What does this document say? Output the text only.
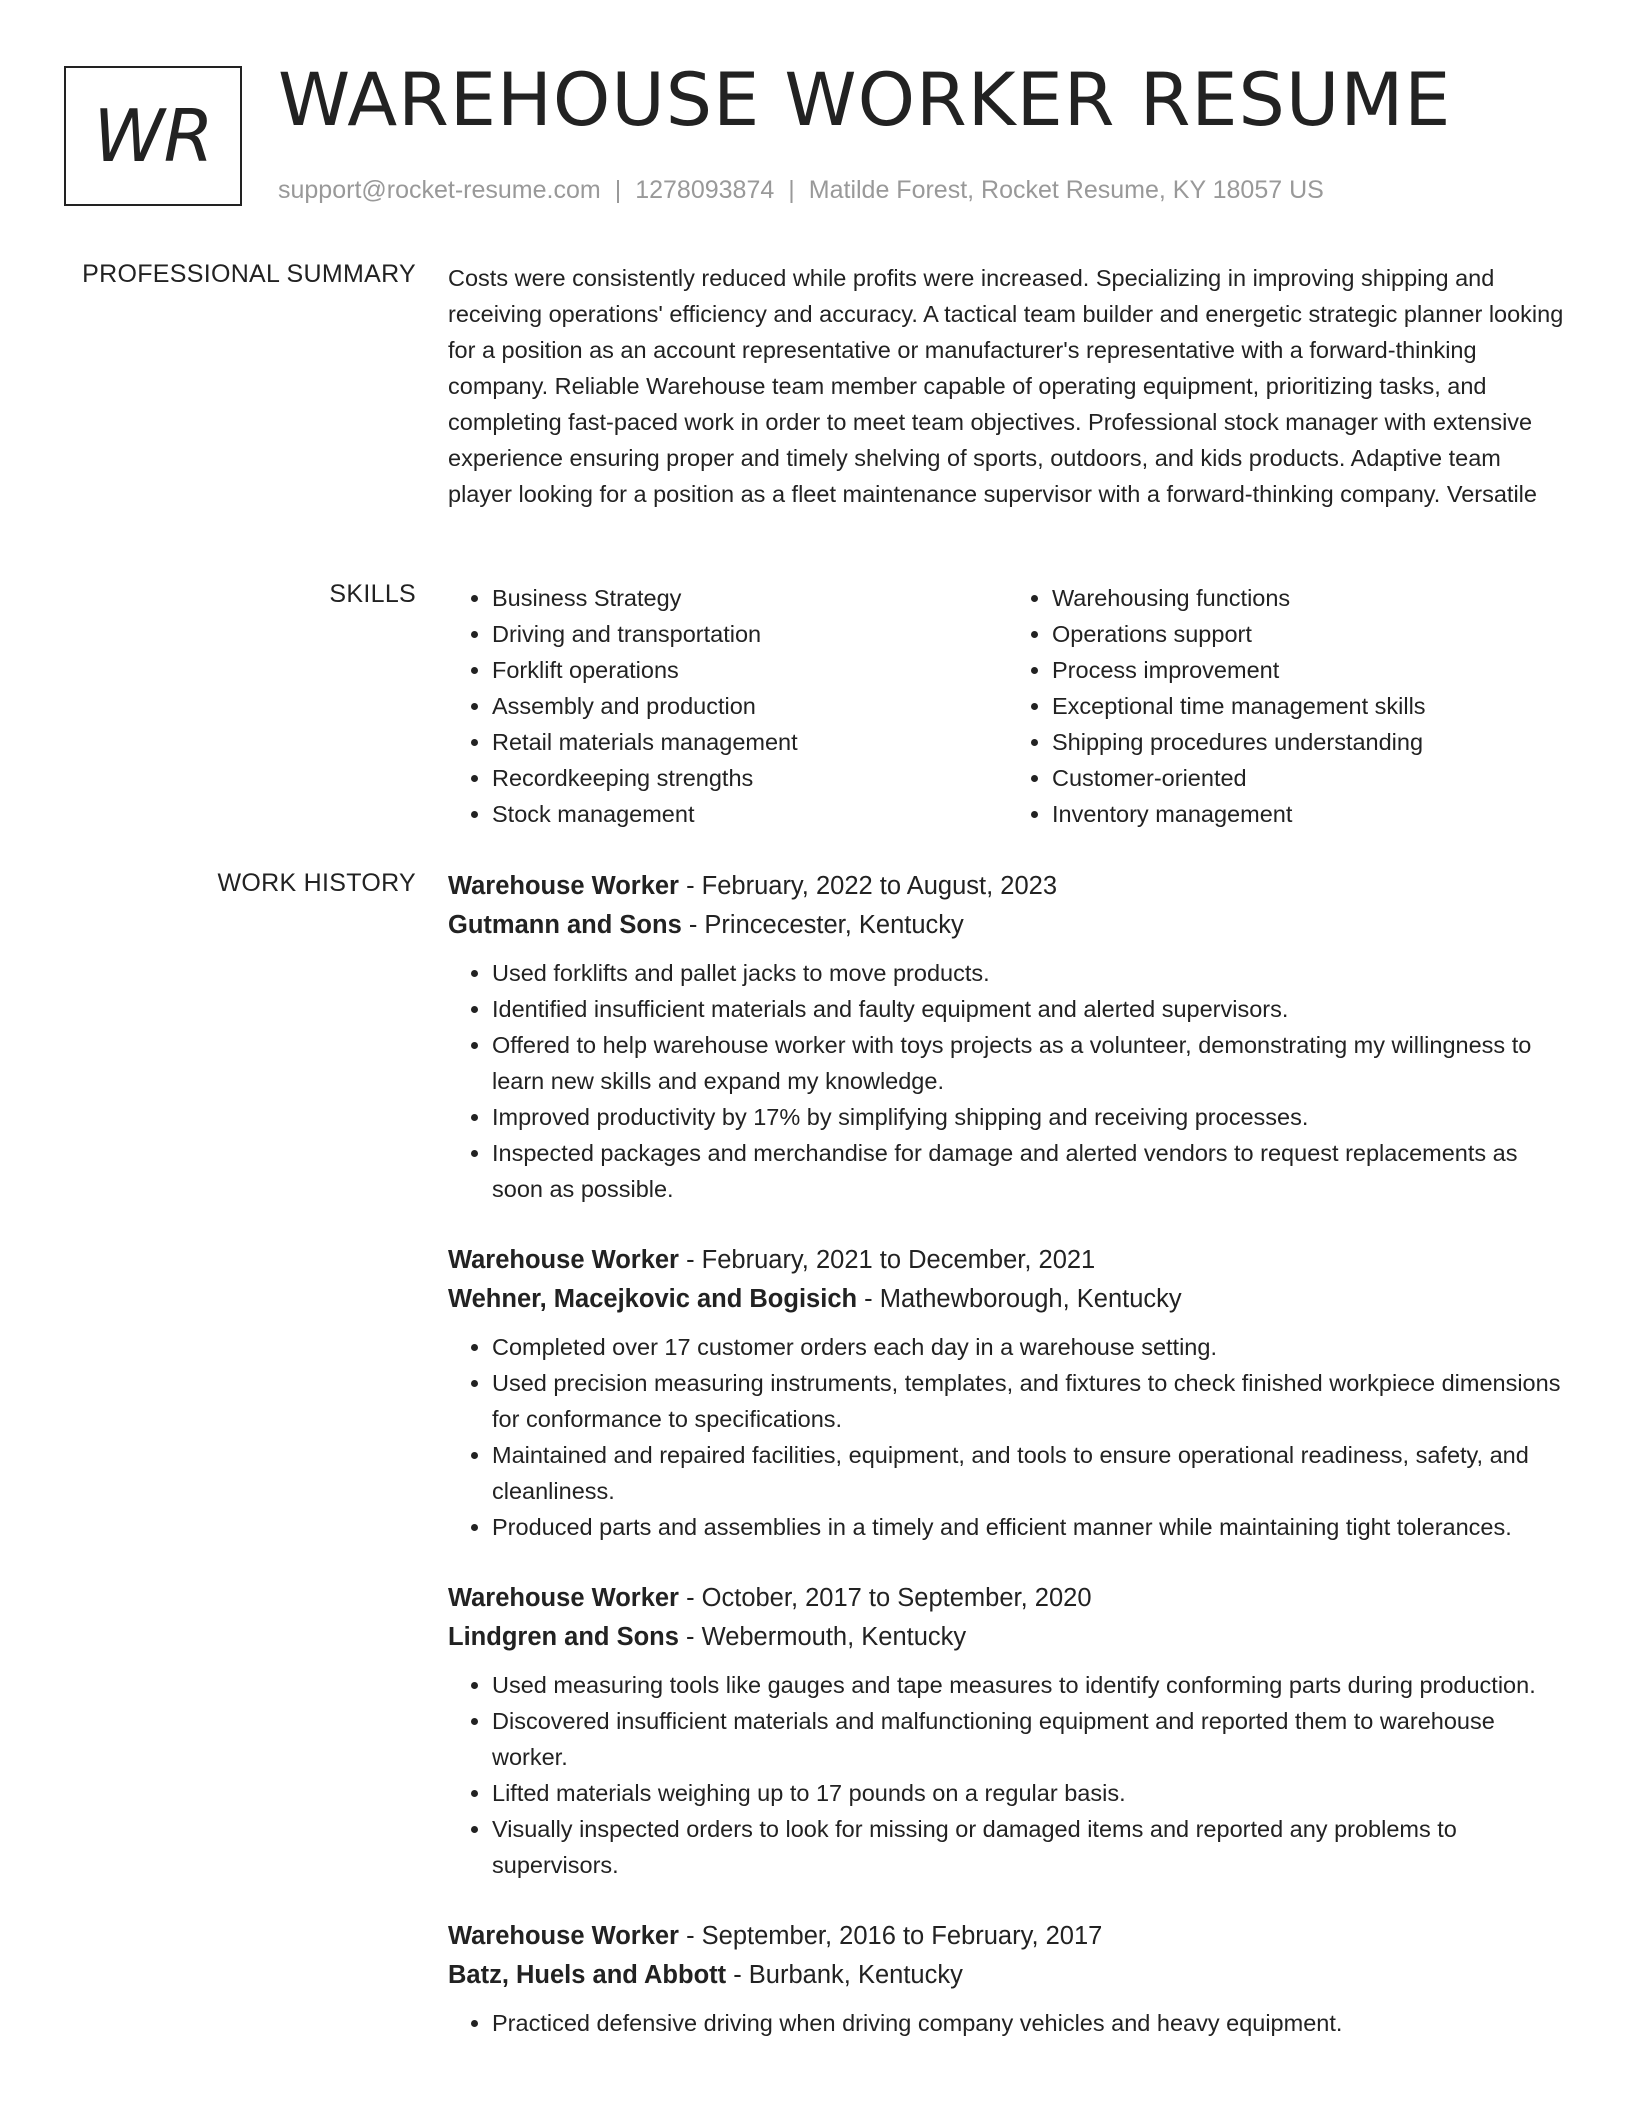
WR WAREHOUSE WORKER RESUME
support@rocket-resume.com | 1278093874 | Matilde Forest, Rocket Resume, KY 18057 US
PROFESSIONAL SUMMARY Costs were consistently reduced while profits were increased. Specializing in improving shipping and receiving operations' efficiency and accuracy. A tactical team builder and energetic strategic planner looking for a position as an account representative or manufacturer's representative with a forward-thinking company. Reliable Warehouse team member capable of operating equipment, prioritizing tasks, and completing fast-paced work in order to meet team objectives. Professional stock manager with extensive experience ensuring proper and timely shelving of sports, outdoors, and kids products. Adaptive team player looking for a position as a fleet maintenance supervisor with a forward-thinking company. Versatile

SKILLS
•	Business Strategy
• Driving and transportation
• Forklift operations
• Assembly and production
• Retail materials management
• Recordkeeping strengths
• Stock management
• Warehousing functions
• Operations support
• Process improvement
• Exceptional time management skills
• Shipping procedures understanding
• Customer-oriented
• Inventory management
WORK HISTORY Warehouse Worker - February, 2022 to August, 2023
Gutmann and Sons - Princecester, Kentucky
• Used forklifts and pallet jacks to move products.
• Identified insufficient materials and faulty equipment and alerted supervisors.
• Offered to help warehouse worker with toys projects as a volunteer, demonstrating my willingness to learn new skills and expand my knowledge.
• Improved productivity by 17% by simplifying shipping and receiving processes.
• Inspected packages and merchandise for damage and alerted vendors to request replacements as soon as possible.
Warehouse Worker - February, 2021 to December, 2021
Wehner, Macejkovic and Bogisich - Mathewborough, Kentucky
• Completed over 17 customer orders each day in a warehouse setting.
• Used precision measuring instruments, templates, and fixtures to check finished workpiece dimensions for conformance to specifications.
• Maintained and repaired facilities, equipment, and tools to ensure operational readiness, safety, and cleanliness.
• Produced parts and assemblies in a timely and efficient manner while maintaining tight tolerances.
Warehouse Worker - October, 2017 to September, 2020
Lindgren and Sons - Webermouth, Kentucky
• Used measuring tools like gauges and tape measures to identify conforming parts during production.
• Discovered insufficient materials and malfunctioning equipment and reported them to warehouse worker.
• Lifted materials weighing up to 17 pounds on a regular basis.
• Visually inspected orders to look for missing or damaged items and reported any problems to supervisors.
Warehouse Worker - September, 2016 to February, 2017
Batz, Huels and Abbott - Burbank, Kentucky
• Practiced defensive driving when driving company vehicles and heavy equipment.
